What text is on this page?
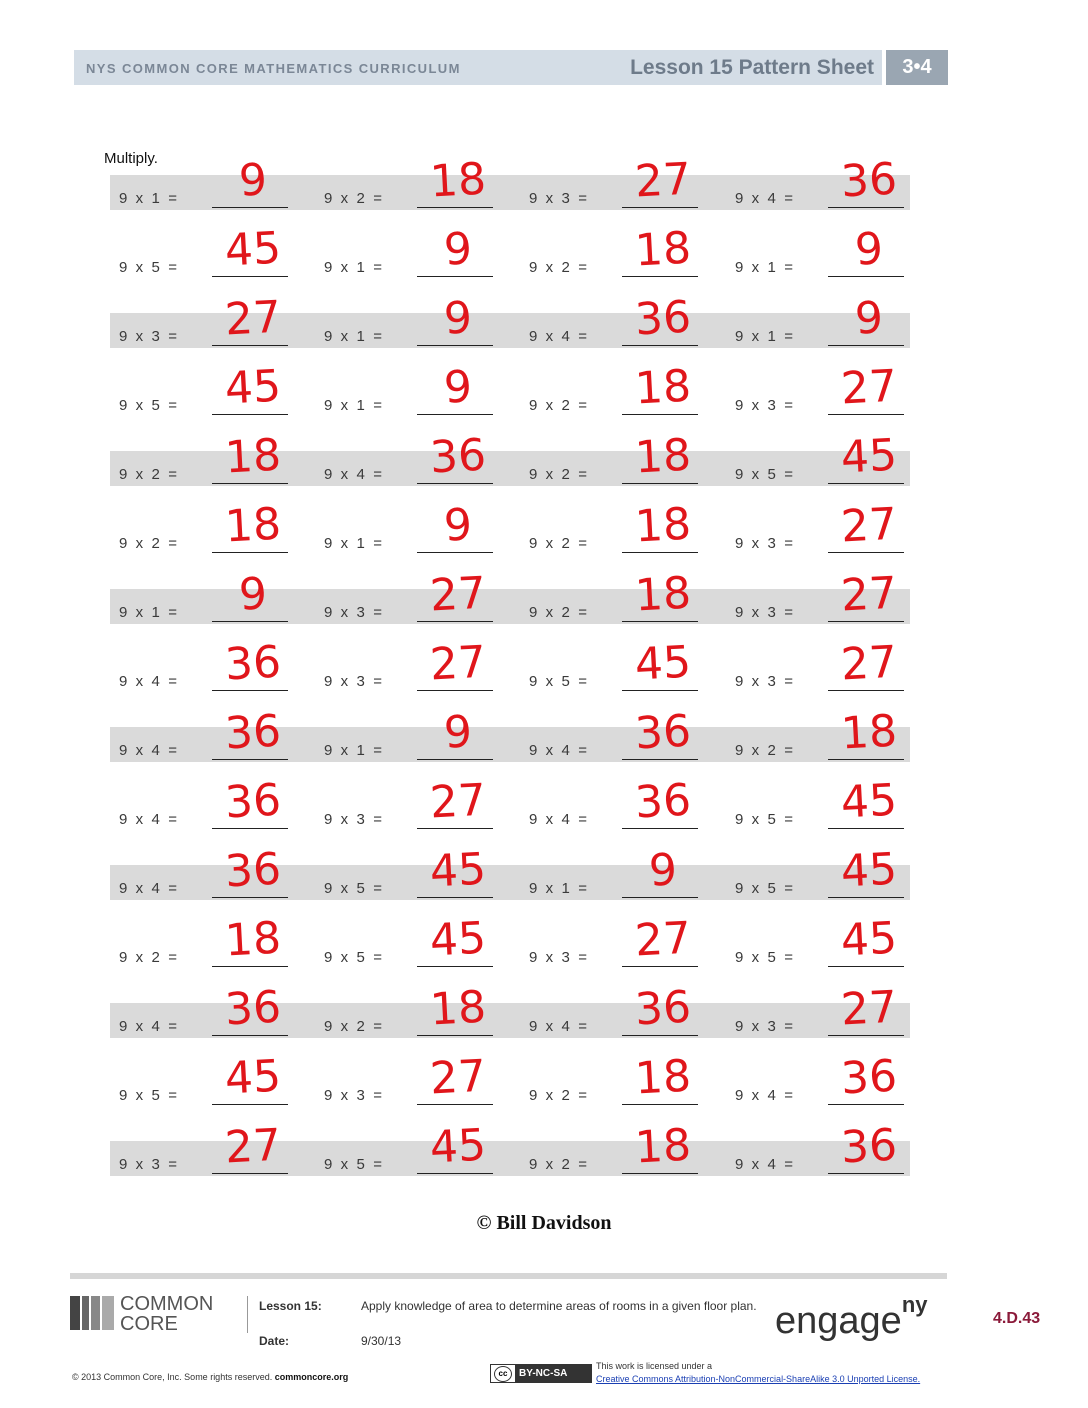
NYS COMMON CORE MATHEMATICS CURRICULUM	Lesson 15 Pattern Sheet	3•4
Multiply.
9  x  1  =	9	9  x  2  =	18	9  x  3  =	27	9  x  4  =	36
9  x  5  =	45	9  x  1  =	9	9  x  2  =	18	9  x  1  =	9
9  x  3  =	27	9  x  1  =	9	9  x  4  =	36	9  x  1  =	9
9  x  5  =	45	9  x  1  =	9	9  x  2  =	18	9  x  3  =	27
9  x  2  =	18	9  x  4  =	36	9  x  2  =	18	9  x  5  =	45
9  x  2  =	18	9  x  1  =	9	9  x  2  =	18	9  x  3  =	27
9  x  1  =	9	9  x  3  =	27	9  x  2  =	18	9  x  3  =	27
9  x  4  =	36	9  x  3  =	27	9  x  5  =	45	9  x  3  =	27
9  x  4  =	36	9  x  1  =	9	9  x  4  =	36	9  x  2  =	18
9  x  4  =	36	9  x  3  =	27	9  x  4  =	36	9  x  5  =	45
9  x  4  =	36	9  x  5  =	45	9  x  1  =	9	9  x  5  =	45
9  x  2  =	18	9  x  5  =	45	9  x  3  =	27	9  x  5  =	45
9  x  4  =	36	9  x  2  =	18	9  x  4  =	36	9  x  3  =	27
9  x  5  =	45	9  x  3  =	27	9  x  2  =	18	9  x  4  =	36
9  x  3  =	27	9  x  5  =	45	9  x  2  =	18	9  x  4  =	36
© Bill Davidson
COMMON
CORE
Lesson 15:	Apply knowledge of area to determine areas of rooms in a given floor plan.
Date:	9/30/13	engage$^{ny}$
4.D.43
© 2013 Common Core, Inc. Some rights reserved. commoncore.org	cc	BY-NC-SA
This work is licensed under a
Creative Commons Attribution-NonCommercial-ShareAlike 3.0 Unported License.
